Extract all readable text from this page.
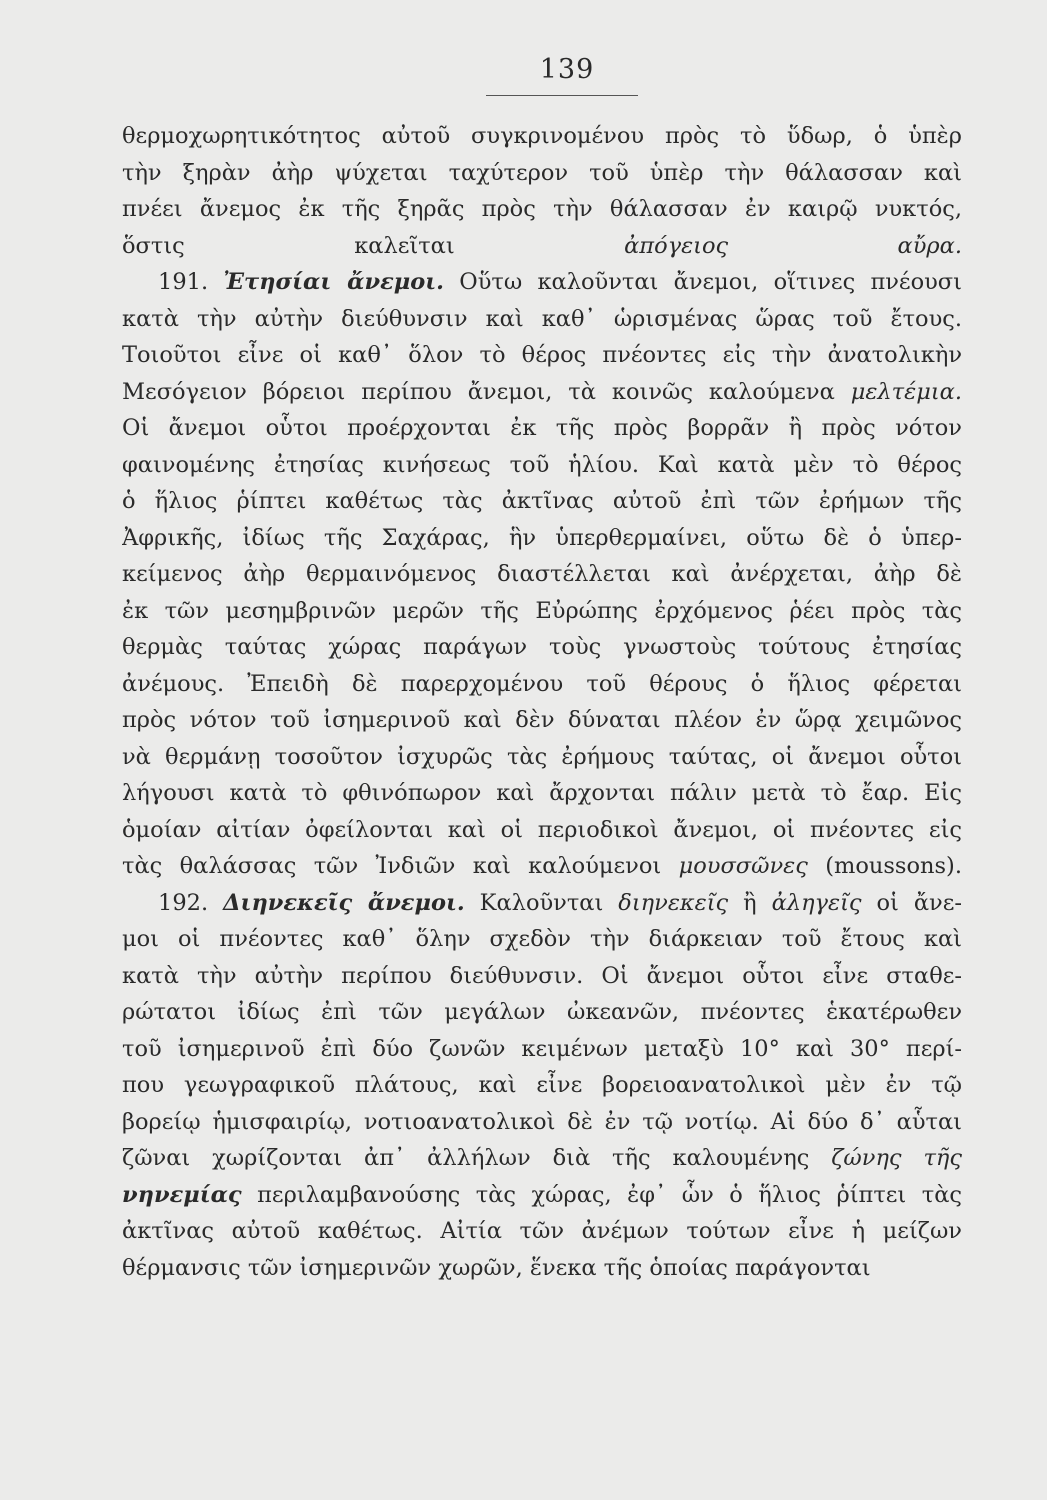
139

θερμοχωρητικότητος αὐτοῦ συγκρινομένου πρὸς τὸ ὕδωρ, ὁ ὑπὲρ

τὴν ξηρὰν ἀὴρ ψύχεται ταχύτερον τοῦ ὑπὲρ τὴν θάλασσαν καὶ

πνέει ἄνεμος ἐκ τῆς ξηρᾶς πρὸς τὴν θάλασσαν ἐν καιρῷ νυκτός,

ὅστις καλεῖται ἀπόγειος αὔρα.

191. Ἐτησίαι ἄνεμοι. Οὕτω καλοῦνται ἄνεμοι, οἵτινες πνέουσι

κατὰ τὴν αὐτὴν διεύθυνσιν καὶ καθ᾽ ὡρισμένας ὥρας τοῦ ἔτους.

Τοιοῦτοι εἶνε οἱ καθ᾽ ὅλον τὸ θέρος πνέοντες εἰς τὴν ἀνατολικὴν

Μεσόγειον βόρειοι περίπου ἄνεμοι, τὰ κοινῶς καλούμενα μελτέμια.

Οἱ ἄνεμοι οὗτοι προέρχονται ἐκ τῆς πρὸς βορρᾶν ἢ πρὸς νότον

φαινομένης ἐτησίας κινήσεως τοῦ ἡλίου. Καὶ κατὰ μὲν τὸ θέρος

ὁ ἥλιος ῥίπτει καθέτως τὰς ἀκτῖνας αὐτοῦ ἐπὶ τῶν ἐρήμων τῆς

Ἀφρικῆς, ἰδίως τῆς Σαχάρας, ἣν ὑπερθερμαίνει, οὕτω δὲ ὁ ὑπερ-

κείμενος ἀὴρ θερμαινόμενος διαστέλλεται καὶ ἀνέρχεται, ἀὴρ δὲ

ἐκ τῶν μεσημβρινῶν μερῶν τῆς Εὐρώπης ἐρχόμενος ῥέει πρὸς τὰς

θερμὰς ταύτας χώρας παράγων τοὺς γνωστοὺς τούτους ἐτησίας

ἀνέμους. Ἐπειδὴ δὲ παρερχομένου τοῦ θέρους ὁ ἥλιος φέρεται

πρὸς νότον τοῦ ἰσημερινοῦ καὶ δὲν δύναται πλέον ἐν ὥρᾳ χειμῶνος

νὰ θερμάνῃ τοσοῦτον ἰσχυρῶς τὰς ἐρήμους ταύτας, οἱ ἄνεμοι οὗτοι

λήγουσι κατὰ τὸ φθινόπωρον καὶ ἄρχονται πάλιν μετὰ τὸ ἔαρ. Εἰς

ὁμοίαν αἰτίαν ὀφείλονται καὶ οἱ περιοδικοὶ ἄνεμοι, οἱ πνέοντες εἰς

τὰς θαλάσσας τῶν Ἰνδιῶν καὶ καλούμενοι μουσσῶνες (moussons).

192. Διηνεκεῖς ἄνεμοι. Καλοῦνται διηνεκεῖς ἢ ἀληγεῖς οἱ ἄνε-

μοι οἱ πνέοντες καθ᾽ ὅλην σχεδὸν τὴν διάρκειαν τοῦ ἔτους καὶ

κατὰ τὴν αὐτὴν περίπου διεύθυνσιν. Οἱ ἄνεμοι οὗτοι εἶνε σταθε-

ρώτατοι ἰδίως ἐπὶ τῶν μεγάλων ὠκεανῶν, πνέοντες ἑκατέρωθεν

τοῦ ἰσημερινοῦ ἐπὶ δύο ζωνῶν κειμένων μεταξὺ 10° καὶ 30° περί-

που γεωγραφικοῦ πλάτους, καὶ εἶνε βορειοανατολικοὶ μὲν ἐν τῷ

βορείῳ ἡμισφαιρίῳ, νοτιοανατολικοὶ δὲ ἐν τῷ νοτίῳ. Αἱ δύο δ᾽ αὗται

ζῶναι χωρίζονται ἀπ᾽ ἀλλήλων διὰ τῆς καλουμένης ζώνης τῆς

νηνεμίας περιλαμβανούσης τὰς χώρας, ἐφ᾽ ὧν ὁ ἥλιος ῥίπτει τὰς

ἀκτῖνας αὐτοῦ καθέτως. Αἰτία τῶν ἀνέμων τούτων εἶνε ἡ μείζων

θέρμανσις τῶν ἰσημερινῶν χωρῶν, ἕνεκα τῆς ὁποίας παράγονται
